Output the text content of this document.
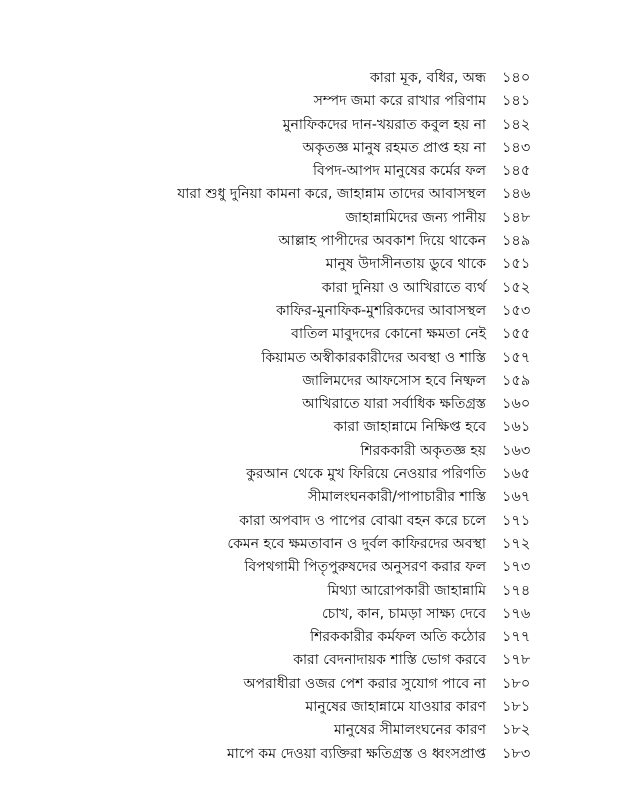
কারা মূক, বধির, অন্ধ ১৪০
সম্পদ জমা করে রাখার পরিণাম ১৪১
মুনাফিকদের দান-খয়রাত কবুল হয় না ১৪২
অকৃতজ্ঞ মানুষ রহমত প্রাপ্ত হয় না ১৪৩
বিপদ-আপদ মানুষের কর্মের ফল ১৪৫
যারা শুধু দুনিয়া কামনা করে, জাহান্নাম তাদের আবাসস্থল ১৪৬
জাহান্নামিদের জন্য পানীয় ১৪৮
আল্লাহ পাপীদের অবকাশ দিয়ে থাকেন ১৪৯
মানুষ উদাসীনতায় ডুবে থাকে ১৫১
কারা দুনিয়া ও আখিরাতে ব্যর্থ ১৫২
কাফির-মুনাফিক-মুশরিকদের আবাসস্থল ১৫৩
বাতিল মাবুদদের কোনো ক্ষমতা নেই ১৫৫
কিয়ামত অস্বীকারকারীদের অবস্থা ও শাস্তি ১৫৭
জালিমদের আফসোস হবে নিষ্ফল ১৫৯
আখিরাতে যারা সর্বাধিক ক্ষতিগ্রস্ত ১৬০
কারা জাহান্নামে নিক্ষিপ্ত হবে ১৬১
শিরককারী অকৃতজ্ঞ হয় ১৬৩
কুরআন থেকে মুখ ফিরিয়ে নেওয়ার পরিণতি ১৬৫
সীমালংঘনকারী/পাপাচারীর শাস্তি ১৬৭
কারা অপবাদ ও পাপের বোঝা বহন করে চলে ১৭১
কেমন হবে ক্ষমতাবান ও দুর্বল কাফিরদের অবস্থা ১৭২
বিপথগামী পিতৃপুরুষদের অনুসরণ করার ফল ১৭৩
মিথ্যা আরোপকারী জাহান্নামি ১৭৪
চোখ, কান, চামড়া সাক্ষ্য দেবে ১৭৬
শিরককারীর কর্মফল অতি কঠোর ১৭৭
কারা বেদনাদায়ক শাস্তি ভোগ করবে ১৭৮
অপরাধীরা ওজর পেশ করার সুযোগ পাবে না ১৮০
মানুষের জাহান্নামে যাওয়ার কারণ ১৮১
মানুষের সীমালংঘনের কারণ ১৮২
মাপে কম দেওয়া ব্যক্তিরা ক্ষতিগ্রস্ত ও ধ্বংসপ্রাপ্ত ১৮৩
